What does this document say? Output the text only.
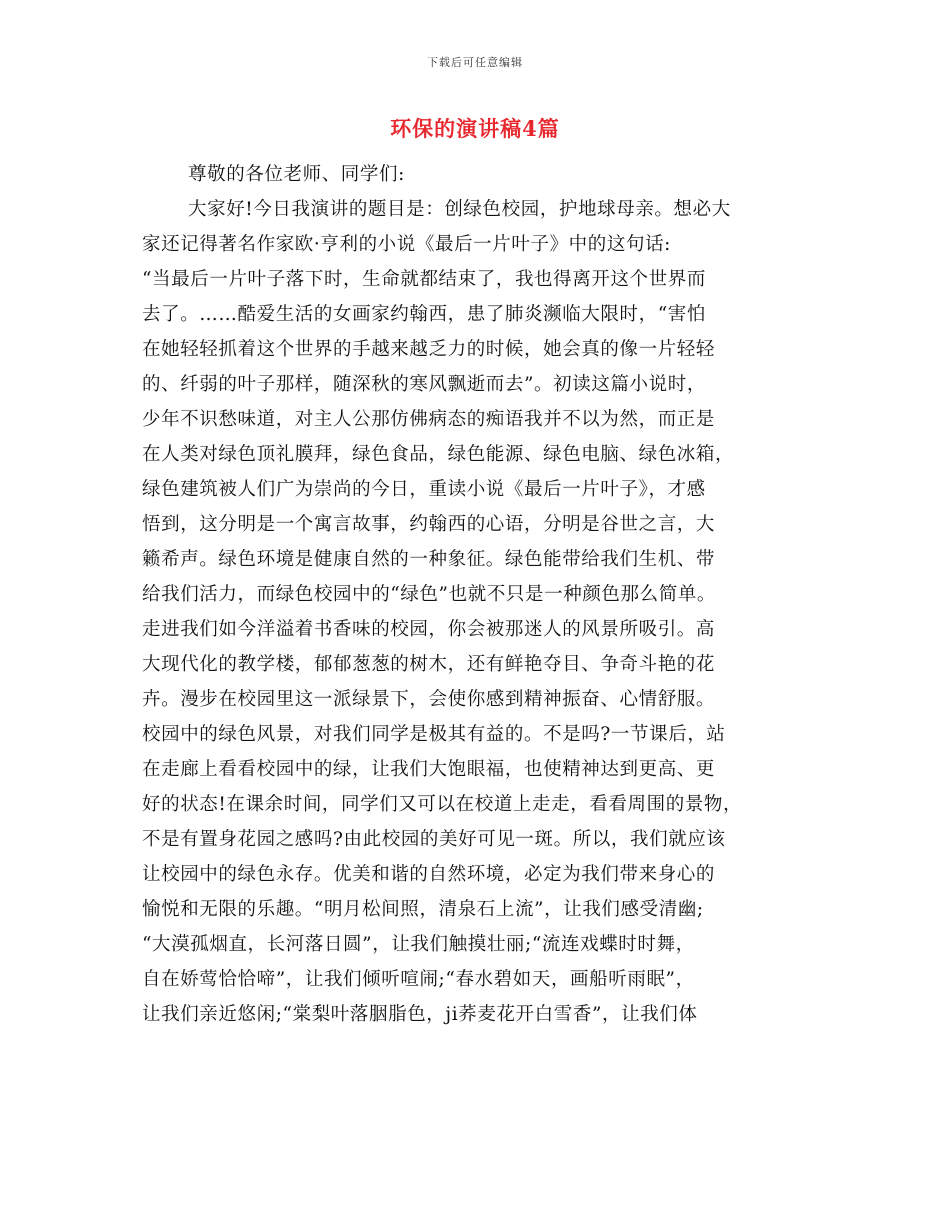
下载后可任意编辑
环保的演讲稿4篇
尊敬的各位老师、同学们:
大家好!今日我演讲的题目是：创绿色校园，护地球母亲。想必大
家还记得著名作家欧·亨利的小说《最后一片叶子》中的这句话:
“当最后一片叶子落下时，生命就都结束了，我也得离开这个世界而
去了。……酷爱生活的女画家约翰西，患了肺炎濒临大限时，“害怕
在她轻轻抓着这个世界的手越来越乏力的时候，她会真的像一片轻轻
的、纤弱的叶子那样，随深秋的寒风飘逝而去”。初读这篇小说时，
少年不识愁味道，对主人公那仿佛病态的痴语我并不以为然，而正是
在人类对绿色顶礼膜拜，绿色食品，绿色能源、绿色电脑、绿色冰箱，
绿色建筑被人们广为崇尚的今日，重读小说《最后一片叶子》，才感
悟到，这分明是一个寓言故事，约翰西的心语，分明是谷世之言，大
籁希声。绿色环境是健康自然的一种象征。绿色能带给我们生机、带
给我们活力，而绿色校园中的“绿色”也就不只是一种颜色那么简单。
走进我们如今洋溢着书香味的校园，你会被那迷人的风景所吸引。高
大现代化的教学楼，郁郁葱葱的树木，还有鲜艳夺目、争奇斗艳的花
卉。漫步在校园里这一派绿景下，会使你感到精神振奋、心情舒服。
校园中的绿色风景，对我们同学是极其有益的。不是吗?一节课后，站
在走廊上看看校园中的绿，让我们大饱眼福，也使精神达到更高、更
好的状态!在课余时间，同学们又可以在校道上走走，看看周围的景物，
不是有置身花园之感吗?由此校园的美好可见一斑。所以，我们就应该
让校园中的绿色永存。优美和谐的自然环境，必定为我们带来身心的
愉悦和无限的乐趣。“明月松间照，清泉石上流”，让我们感受清幽;
“大漠孤烟直，长河落日圆”，让我们触摸壮丽;“流连戏蝶时时舞，
自在娇莺恰恰啼”，让我们倾听喧闹;“春水碧如天，画船听雨眠”，
让我们亲近悠闲;“棠梨叶落胭脂色，ji荞麦花开白雪香”，让我们体
